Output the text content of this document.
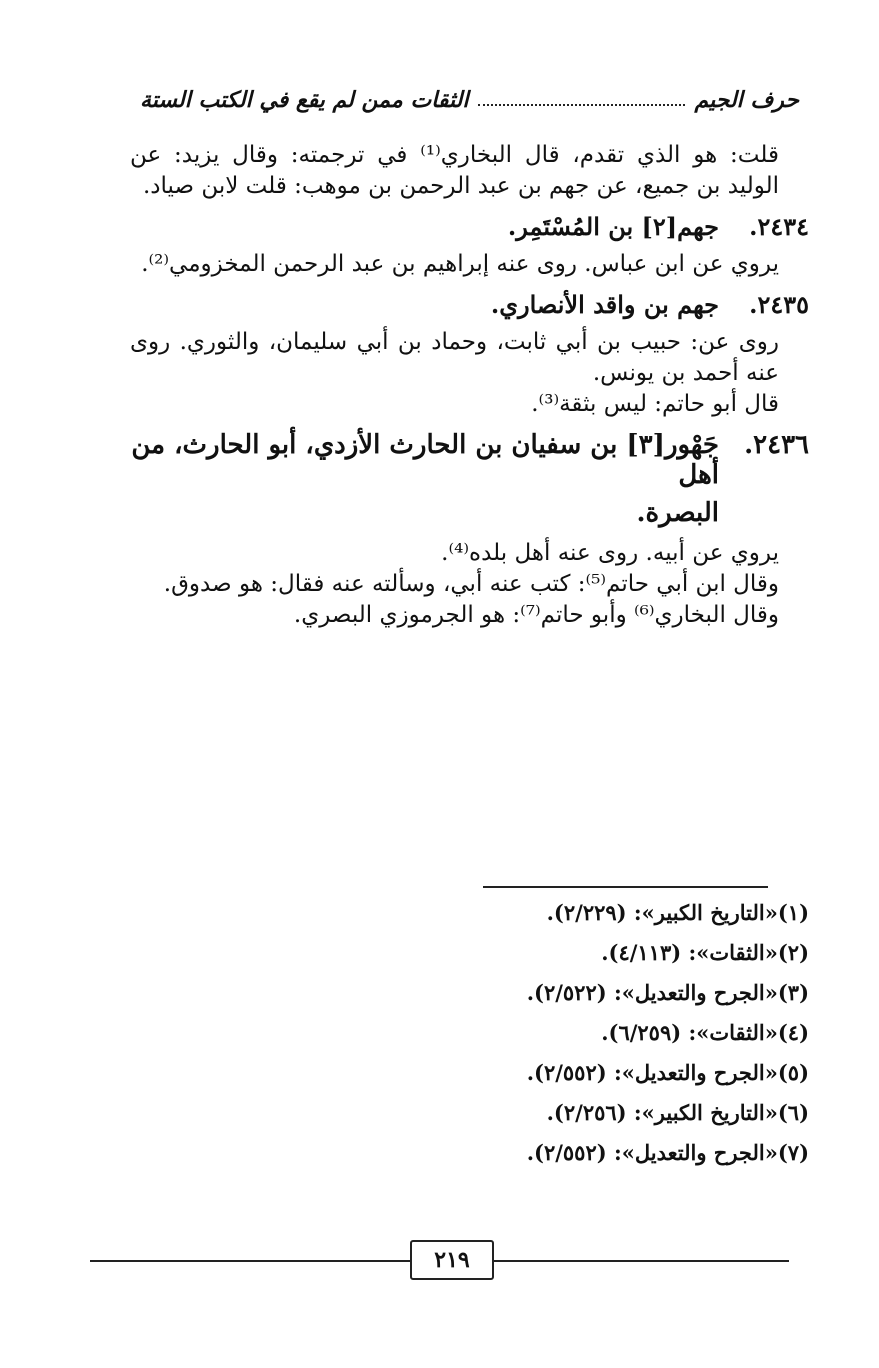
حرف الجيم
الثقات ممن لم يقع في الكتب الستة

قلت: هو الذي تقدم، قال البخاري⁽¹⁾ في ترجمته: وقال يزيد: عن الوليد بن جميع، عن جهم بن عبد الرحمن بن موهب: قلت لابن صياد.

٢٤٣٤.
جهم[٢] بن المُسْتَمِر.

يروي عن ابن عباس. روى عنه إبراهيم بن عبد الرحمن المخزومي⁽²⁾.

٢٤٣٥.
جهم بن واقد الأنصاري.

روى عن: حبيب بن أبي ثابت، وحماد بن أبي سليمان، والثوري. روى عنه أحمد بن يونس.

قال أبو حاتم: ليس بثقة⁽³⁾.

٢٤٣٦.
جَهْور[٣] بن سفيان بن الحارث الأزدي، أبو الحارث، من أهل
البصرة.

يروي عن أبيه. روى عنه أهل بلده⁽⁴⁾.

وقال ابن أبي حاتم⁽⁵⁾: كتب عنه أبي، وسألته عنه فقال: هو صدوق.

وقال البخاري⁽⁶⁾ وأبو حاتم⁽⁷⁾: هو الجرموزي البصري.

(١)«التاريخ الكبير»: (٢/٢٢٩).

(٢)«الثقات»: (٤/١١٣).

(٣)«الجرح والتعديل»: (٢/٥٢٢).

(٤)«الثقات»: (٦/٢٥٩).

(٥)«الجرح والتعديل»: (٢/٥٥٢).

(٦)«التاريخ الكبير»: (٢/٢٥٦).

(٧)«الجرح والتعديل»: (٢/٥٥٢).

٢١٩
